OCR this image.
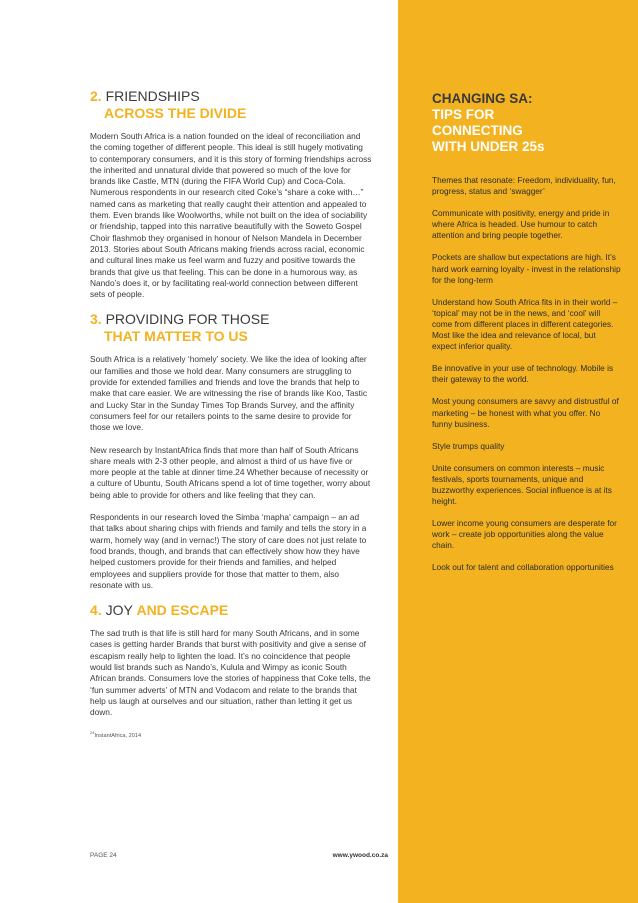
2. FRIENDSHIPS
ACROSS THE DIVIDE

Modern South Africa is a nation founded on the ideal of reconciliation and the coming together of different people. This ideal is still hugely motivating to contemporary consumers, and it is this story of forming friendships across the inherited and unnatural divide that powered so much of the love for brands like Castle, MTN (during the FIFA World Cup) and Coca-Cola. Numerous respondents in our research cited Coke’s “share a coke with…” named cans as marketing that really caught their attention and appealed to them. Even brands like Woolworths, while not built on the idea of sociability or friendship, tapped into this narrative beautifully with the Soweto Gospel Choir flashmob they organised in honour of Nelson Mandela in December 2013. Stories about South Africans making friends across racial, economic and cultural lines make us feel warm and fuzzy and positive towards the brands that give us that feeling. This can be done in a humorous way, as Nando’s does it, or by facilitating real-world connection between different sets of people.

3. PROVIDING FOR THOSE
THAT MATTER TO US

South Africa is a relatively ‘homely’ society. We like the idea of looking after our families and those we hold dear. Many consumers are struggling to provide for extended families and friends and love the brands that help to make that care easier. We are witnessing the rise of brands like Koo, Tastic and Lucky Star in the Sunday Times Top Brands Survey, and the affinity consumers feel for our retailers points to the same desire to provide for those we love.

New research by InstantAfrica finds that more than half of South Africans share meals with 2-3 other people, and almost a third of us have five or more people at the table at dinner time.24 Whether because of necessity or a culture of Ubuntu, South Africans spend a lot of time together, worry about being able to provide for others and like feeling that they can.

Respondents in our research loved the Simba ‘mapha’ campaign – an ad that talks about sharing chips with friends and family and tells the story in a warm, homely way (and in vernac!) The story of care does not just relate to food brands, though, and brands that can effectively show how they have helped customers provide for their friends and families, and helped employees and suppliers provide for those that matter to them, also resonate with us.

4. JOY AND ESCAPE

The sad truth is that life is still hard for many South Africans, and in some cases is getting harder Brands that burst with positivity and give a sense of escapism really help to lighten the load. It’s no coincidence that people would list brands such as Nando’s, Kulula and Wimpy as iconic South African brands. Consumers love the stories of happiness that Coke tells, the ‘fun summer adverts’ of MTN and Vodacom and relate to the brands that help us laugh at ourselves and our situation, rather than letting it get us down.

$^{24}$InstantAfrica, 2014
PAGE 24	www.ywood.co.za
CHANGING SA:
TIPS FOR
CONNECTING
WITH UNDER 25s

Themes that resonate: Freedom, individuality, fun, progress, status and ‘swagger’

Communicate with positivity, energy and pride in where Africa is headed. Use humour to catch attention and bring people together.

Pockets are shallow but expectations are high. It’s hard work earning loyalty - invest in the relationship for the long-term

Understand how South Africa fits in in their world – ‘topical’ may not be in the news, and ‘cool’ will come from different places in different categories. Most like the idea and relevance of local, but expect inferior quality.

Be innovative in your use of technology. Mobile is their gateway to the world.

Most young consumers are savvy and distrustful of marketing – be honest with what you offer. No funny business.

Style trumps quality

Unite consumers on common interests – music festivals, sports tournaments, unique and buzzworthy experiences. Social influence is at its height.

Lower income young consumers are desperate for work – create job opportunities along the value chain.

Look out for talent and collaboration opportunities
